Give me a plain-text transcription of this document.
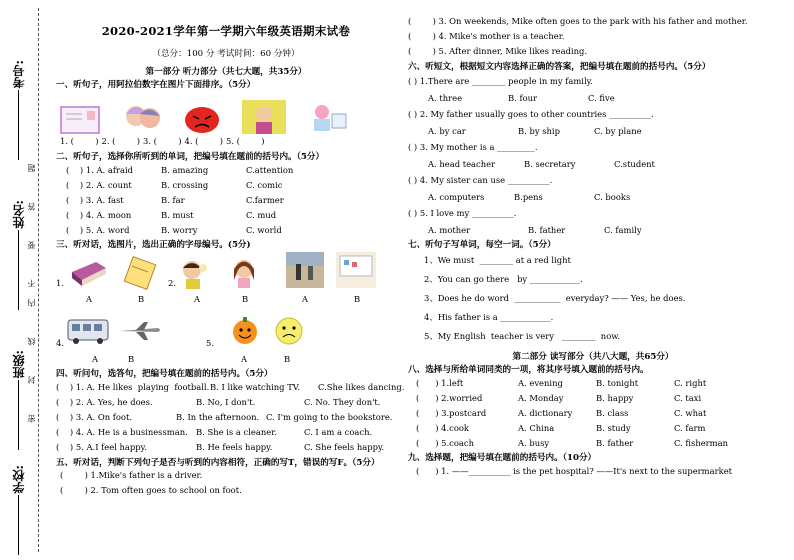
考号:
姓名:
班级:
学校:
不 要 答 题
密 封 线 内
2020-2021学年第一学期六年级英语期末试卷
（总分：100 分 考试时间：60 分钟）
第一部分 听力部分（共七大题，共35分）
一、听句子，用阿拉伯数字在图片下面排序。（5分）
1. (        ) 2. (        ) 3. (        ) 4. (        ) 5. (        )
二、听句子，选择你所听到的单词，把编号填在题前的括号内。（5分）
(    ) 1. A. afraid	B. amazing	C.attention
(    ) 2. A. count	B. crossing	C. comic
(    ) 3. A. fast	B. far	C.farmer
(    ) 4. A. moon	B. must	C. mud
(    ) 5. A. word	B. worry	C. world
三、听对话，选图片，选出正确的字母编号。(5分)
1.	2.
A	B	A	B	A	B
4.	5.
A	B	A	B
四、听问句，选答句，把编号填在题前的括号内。（5分）
(    ) 1. A. He likes  playing  football. B. I like watching TV. C.She likes dancing.
(    ) 2. A. Yes, he does.	B. No, I don't.	C. No. They don't.
(    ) 3. A. On foot.	B. In the afternoon. C. I'm going to the bookstore.
(    ) 4. A. He is a businessman. B. She is a cleaner.	C. I am a coach.
(    ) 5. A.I feel happy.	B. He feels happy.	C. She feels happy.
五、听对话，判断下列句子是否与听到的内容相符，正确的写T，错误的写F。（5分）
(        ) 1.Mike's father is a driver.
(        ) 2. Tom often goes to school on foot.
(        ) 3. On weekends, Mike often goes to the park with his father and mother.
(        ) 4. Mike's mother is a teacher.
(        ) 5. After dinner, Mike likes reading.
六、听短文，根据短文内容选择正确的答案，把编号填在题前的括号内。（5分）
( ) 1.There are ________ people in my family.
A. three	B. four	C. five
( ) 2. My father usually goes to other countries __________.
A. by car	B. by ship	C. by plane
( ) 3. My mother is a _________.
A. head teacher	B. secretary	C.student
( ) 4. My sister can use __________.
A. computers	B.pens	C. books
( ) 5. I love my __________.
A. mother	B. father	C. family
七、听句子写单词，每空一词。（5分）
1、We must  ________ at a red light
2、You can go there   by ____________.
3、Does he do word  ___________  everyday? —— Yes, he does.
4、His father is a ____________.
5、My English  teacher is very   ________  now.
第二部分 读写部分（共八大题，共65分）
八、选择与所给单词同类的一项，将其序号填入题前的括号内。
(      ) 1.left	A. evening	B. tonight	C. right
(      ) 2.worried	A. Monday	B. happy	C. taxi
(      ) 3.postcard	A. dictionary	B. class	C. what
(      ) 4.cook	A. China	B. study	C. farm
(      ) 5.coach	A. busy	B. father	C. fisherman
九、选择题，把编号填在题前的括号内。（10分）
(      ) 1. ——__________ is the pet hospital? ——It's next to the supermarket
